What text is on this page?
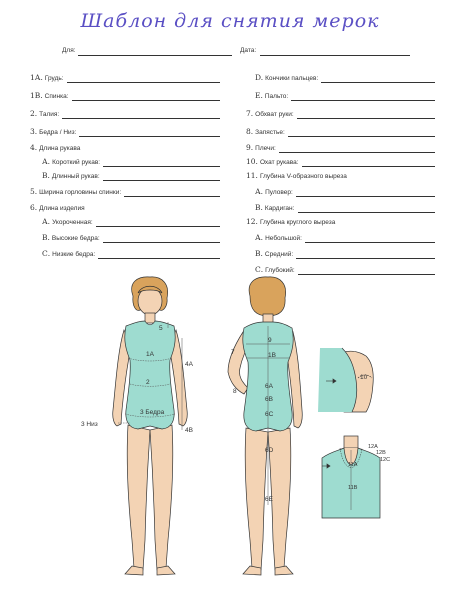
Шаблон для снятия мерок
Для:	Дата:
1А. Грудь:
1В. Спинка:
2. Талия:
3. Бедра / Низ:
4. Длина рукава
А. Короткий рукав:
В. Длинный рукав:
5. Ширина горловины спинки:
6. Длина изделия
А. Укороченная:
В. Высокие бедра:
С. Низкие бедра:
D. Кончики пальцев:
Е. Пальто:
7. Обхват руки:
8. Запястье:
9. Плечи:
10. Охат рукава:
11. Глубина V-образного выреза
А. Пуловер:
В. Кардиган:
12. Глубина круглого выреза
А. Небольшой:
В. Средний:
С. Глубокий:
5
1А
2
3 Бедра
3 Низ
4А
4В
9
1В
7
8
6А
6В
6С
6D
6Е
10
12А
12В
12С
11А
11В
